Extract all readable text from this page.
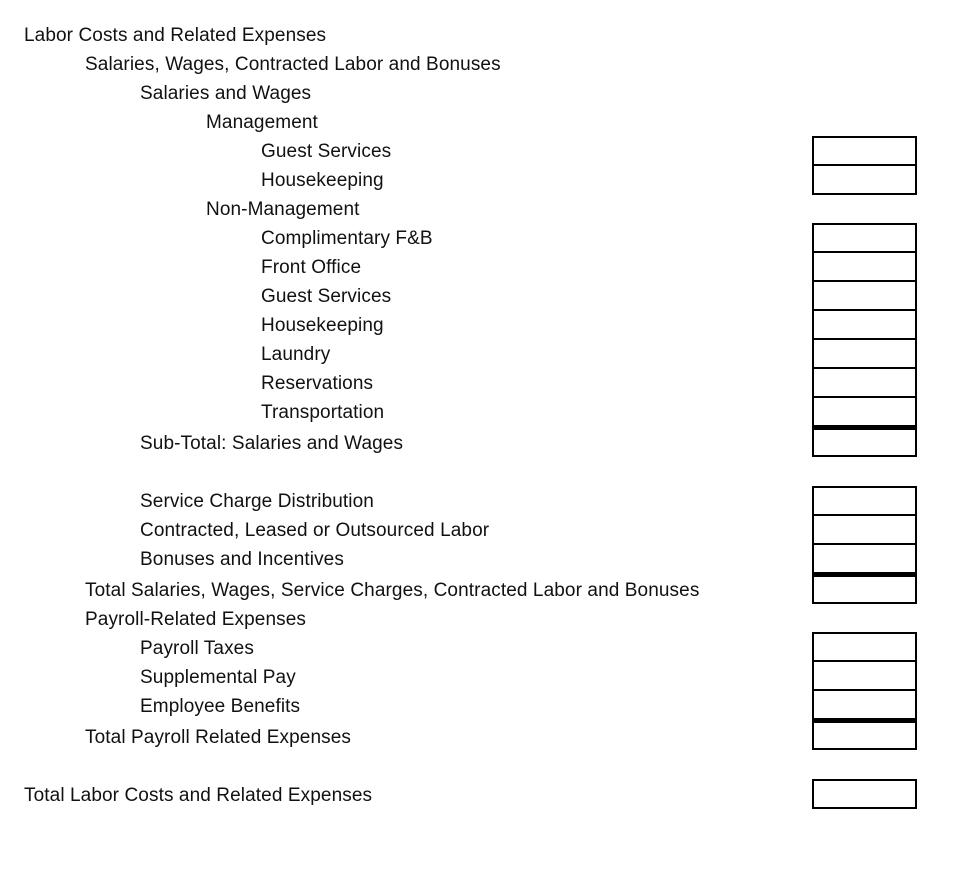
Labor Costs and Related Expenses
Salaries, Wages, Contracted Labor and Bonuses
Salaries and Wages
Management
Guest Services
Housekeeping
Non-Management
Complimentary F&B
Front Office
Guest Services
Housekeeping
Laundry
Reservations
Transportation
Sub-Total: Salaries and Wages
Service Charge Distribution
Contracted, Leased or Outsourced Labor
Bonuses and Incentives
Total Salaries, Wages, Service Charges, Contracted Labor and Bonuses
Payroll-Related Expenses
Payroll Taxes
Supplemental Pay
Employee Benefits
Total Payroll Related Expenses
Total Labor Costs and Related Expenses
